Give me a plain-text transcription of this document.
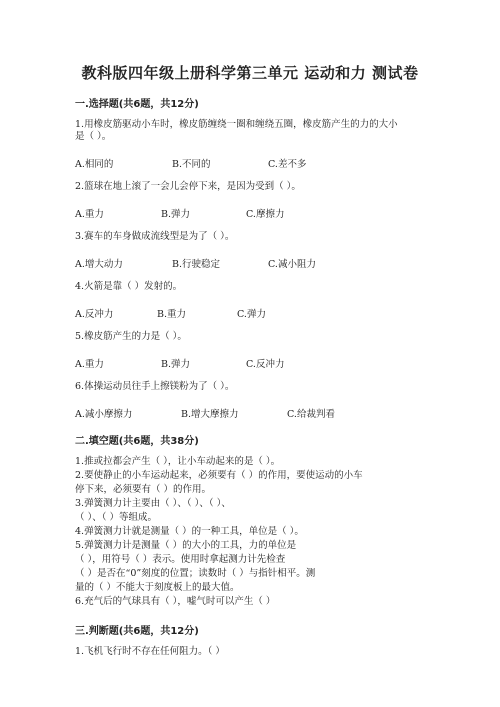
教科版四年级上册科学第三单元 运动和力 测试卷
一.选择题(共6题，共12分)
1.用橡皮筋驱动小车时，橡皮筋缠绕一圈和缠绕五圈，橡皮筋产生的力的大小
是（ ）。
A.相同的	B.不同的	C.差不多
2.篮球在地上滚了一会儿会停下来，是因为受到（ ）。
A.重力	B.弹力	C.摩擦力
3.赛车的车身做成流线型是为了（ ）。
A.增大动力	B.行驶稳定	C.减小阻力
4.火箭是靠（ ）发射的。
A.反冲力	B.重力	C.弹力
5.橡皮筋产生的力是（ ）。
A.重力	B.弹力	C.反冲力
6.体操运动员往手上擦镁粉为了（ ）。
A.减小摩擦力	B.增大摩擦力	C.给裁判看
二.填空题(共6题，共38分)
1.推或拉都会产生（ ），让小车动起来的是（ ）。
2.要使静止的小车运动起来，必须要有（ ）的作用，要使运动的小车
停下来，必须要有（ ）的作用。
3.弹簧测力计主要由（ ）、（ ）、（ ）、
（ ）、（ ）等组成。
4.弹簧测力计就是测量（ ）的一种工具，单位是（ ）。
5.弹簧测力计是测量（ ）的大小的工具，力的单位是
（ ），用符号（ ）表示。使用时拿起测力计先检查
（ ）是否在“0”刻度的位置；读数时（ ）与指针相平。测
量的（ ）不能大于刻度板上的最大值。
6.充气后的气球具有（ ），嘘气时可以产生（ ）
三.判断题(共6题，共12分)
1.飞机飞行时不存在任何阻力。（ ）
